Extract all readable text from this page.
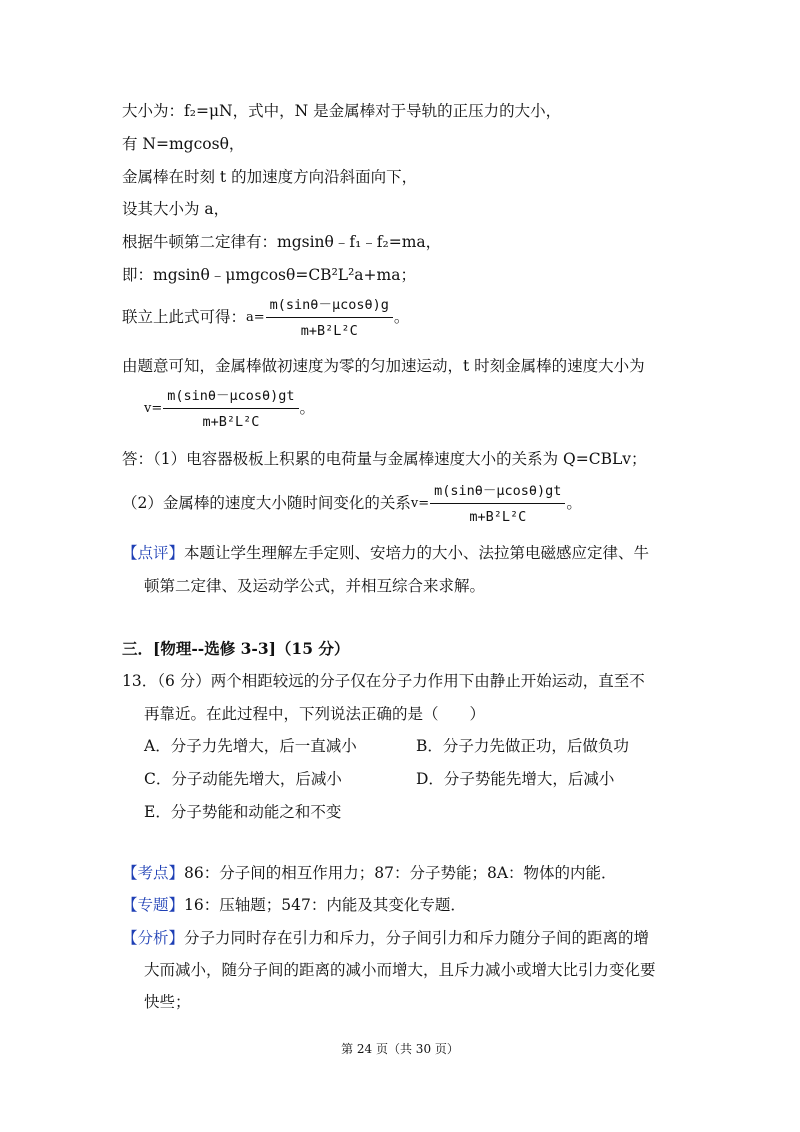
大小为：f₂=μN，式中，N 是金属棒对于导轨的正压力的大小，
有 N=mgcosθ，
金属棒在时刻 t 的加速度方向沿斜面向下，
设其大小为 a，
根据牛顿第二定律有：mgsinθ﹣f₁﹣f₂=ma，
即：mgsinθ﹣μmgcosθ=CB²L²a+ma；
联立上此式可得：$a= \frac{m(\sin\theta-\mu\cos\theta)g}{\text{m+B²L²C}}$ 。
由题意可知，金属棒做初速度为零的匀加速运动，t 时刻金属棒的速度大小为
$v= \frac{m(\sin\theta-\mu\cos\theta)gt}{\text{m+B²L²C}}$ 。
答：（1）电容器极板上积累的电荷量与金属棒速度大小的关系为 Q=CBLv；
（2）金属棒的速度大小随时间变化的关系$v= \frac{m(\sin\theta-\mu\cos\theta)gt}{\text{m+B²L²C}}$ 。
【点评】本题让学生理解左手定则、安培力的大小、法拉第电磁感应定律、牛
顿第二定律、及运动学公式，并相互综合来求解。
三．[物理--选修 3-3]（15 分）
13．（6 分）两个相距较远的分子仅在分子力作用下由静止开始运动，直至不
再靠近。在此过程中，下列说法正确的是（　　）
A．分子力先增大，后一直减小	B．分子力先做正功，后做负功
C．分子动能先增大，后减小	D．分子势能先增大，后减小
E．分子势能和动能之和不变
【考点】86：分子间的相互作用力；87：分子势能；8A：物体的内能．
【专题】16：压轴题；547：内能及其变化专题．
【分析】分子力同时存在引力和斥力，分子间引力和斥力随分子间的距离的增
大而减小，随分子间的距离的减小而增大，且斥力减小或增大比引力变化要
快些；
第 24 页（共 30 页）
